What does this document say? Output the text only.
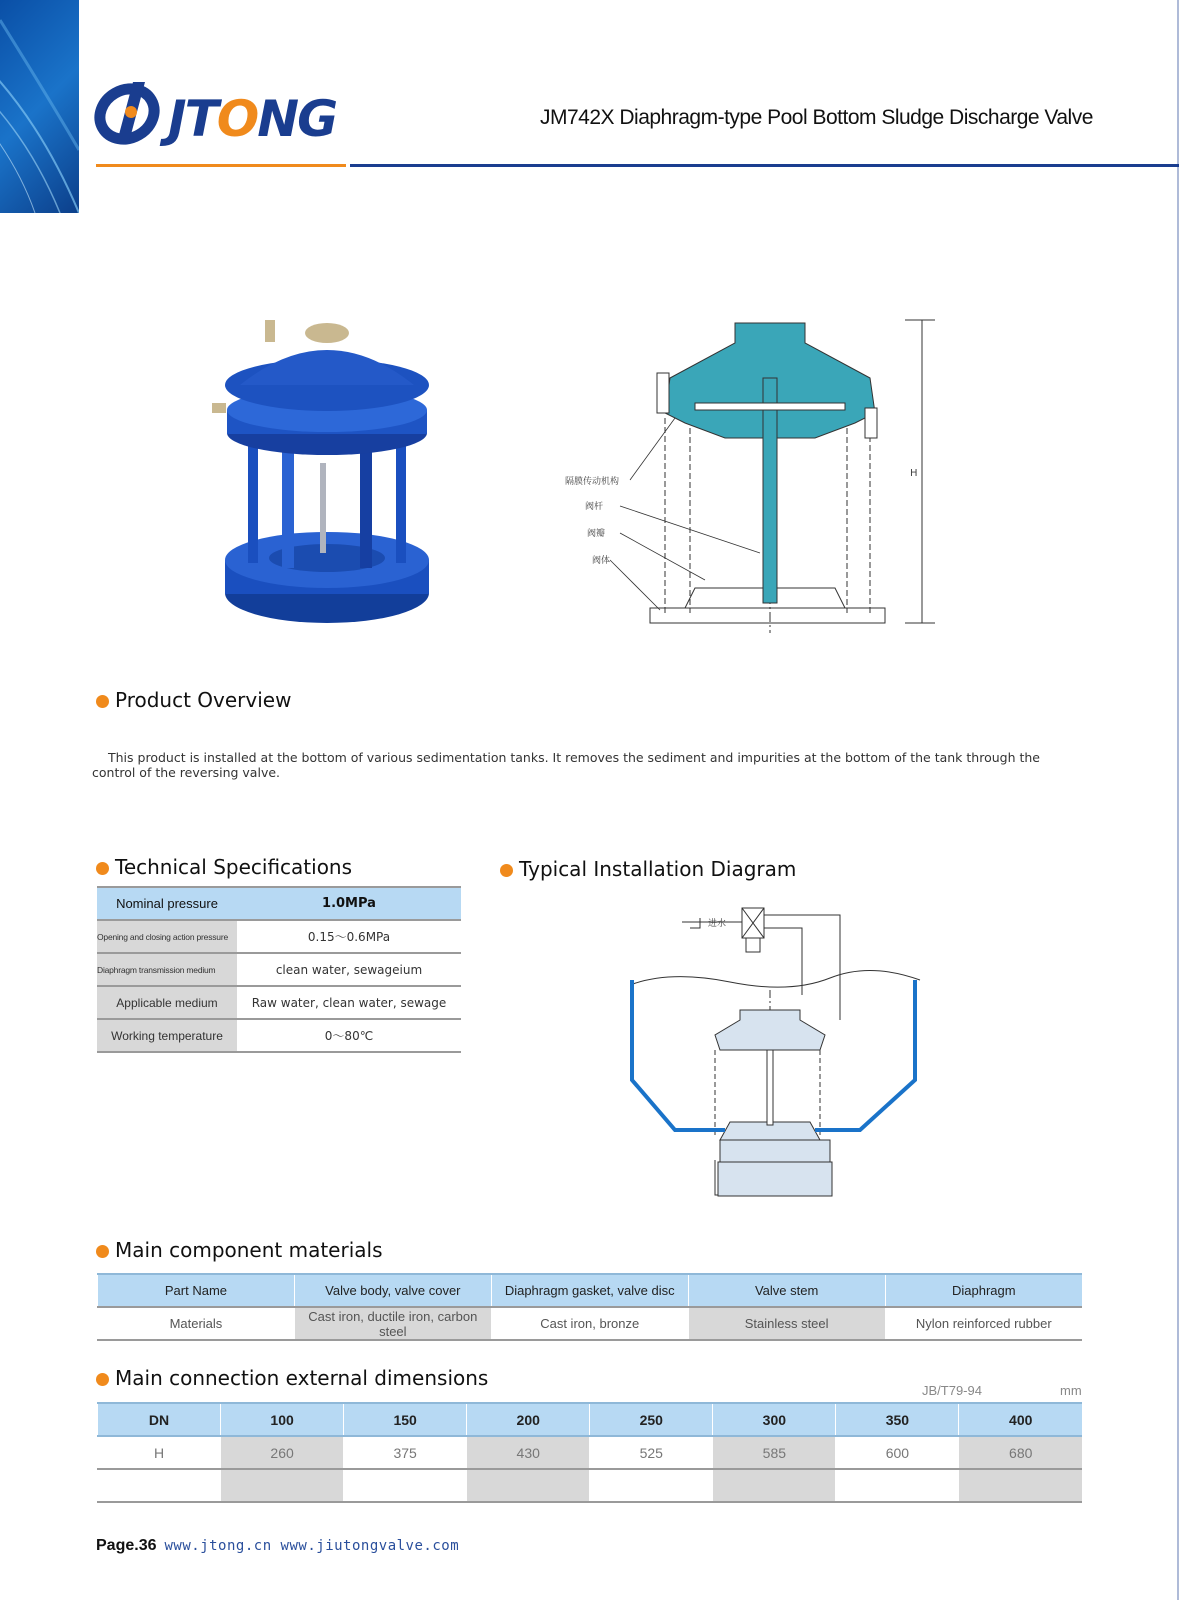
JTONG	JM742X Diaphragm-type Pool Bottom Sludge Discharge Valve
隔膜传动机构
阀杆
阀瓣
阀体
H
Product Overview
This product is installed at the bottom of various sedimentation tanks. It removes the sediment and impurities at the bottom of the tank through the control of the reversing valve.
Technical Specifications
Nominal pressure	1.0MPa
Opening and closing action pressure	0.15～0.6MPa
Diaphragm transmission medium	clean water, sewageium
Applicable medium	Raw water, clean water, sewage
Working temperature	0～80℃
Typical Installation Diagram
进水
Main component materials
Part Name	Valve body, valve cover	Diaphragm gasket, valve disc	Valve stem	Diaphragm
Materials	Cast iron, ductile iron, carbon steel	Cast iron, bronze	Stainless steel	Nylon reinforced rubber
Main connection external dimensions
JB/T79-94	mm
DN	100	150	200	250	300	350	400
H	260	375	430	525	585	600	680

Page.36 www.jtong.cn www.jiutongvalve.com
